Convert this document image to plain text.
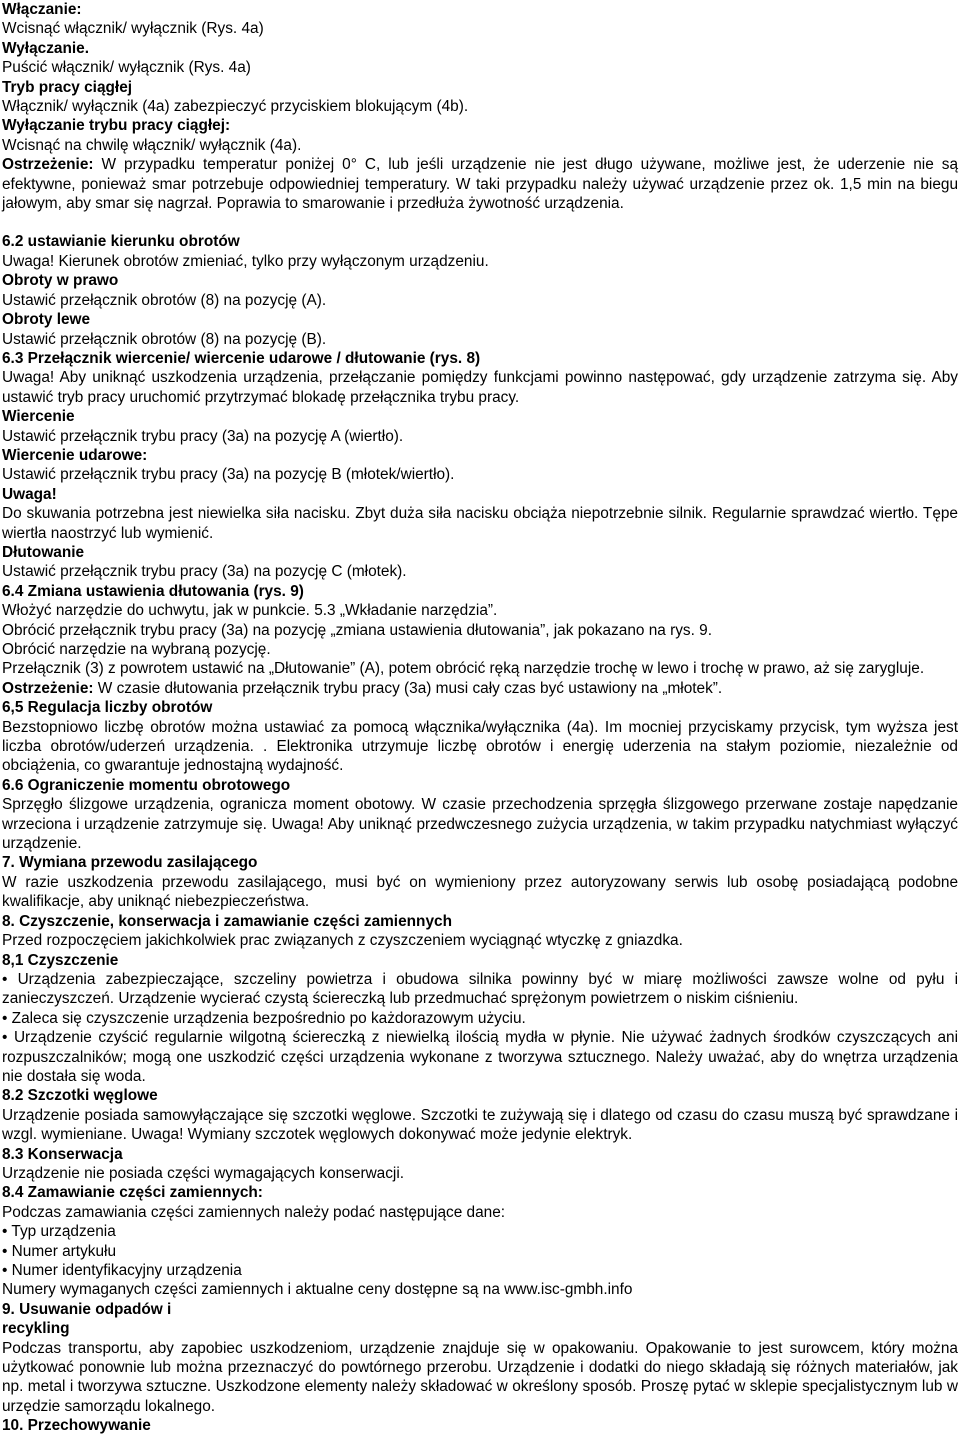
Włączanie:

Wcisnąć włącznik/ wyłącznik (Rys. 4a)

Wyłączanie.

Puścić włącznik/ wyłącznik (Rys. 4a)

Tryb pracy ciągłej

Włącznik/ wyłącznik (4a) zabezpieczyć przyciskiem blokującym (4b).

Wyłączanie trybu pracy ciągłej:

Wcisnąć na chwilę włącznik/ wyłącznik (4a).

Ostrzeżenie: W przypadku temperatur poniżej 0° C, lub jeśli urządzenie nie jest długo używane, możliwe jest, że uderzenie nie są efektywne, ponieważ smar potrzebuje odpowiedniej temperatury. W taki przypadku należy używać urządzenie przez ok. 1,5 min na biegu jałowym, aby smar się nagrzał. Poprawia to smarowanie i przedłuża żywotność urządzenia.

6.2 ustawianie kierunku obrotów

Uwaga! Kierunek obrotów zmieniać, tylko przy wyłączonym urządzeniu.

Obroty w prawo

Ustawić przełącznik obrotów (8) na pozycję (A).

Obroty lewe

Ustawić przełącznik obrotów (8) na pozycję (B).

6.3 Przełącznik wiercenie/ wiercenie udarowe / dłutowanie (rys. 8)

Uwaga! Aby uniknąć uszkodzenia urządzenia, przełączanie pomiędzy funkcjami powinno następować, gdy urządzenie zatrzyma się. Aby ustawić tryb pracy uruchomić przytrzymać blokadę przełącznika trybu pracy.

Wiercenie

Ustawić przełącznik trybu pracy (3a) na pozycję A (wiertło).

Wiercenie udarowe:

Ustawić przełącznik trybu pracy (3a) na pozycję B (młotek/wiertło).

Uwaga!

Do skuwania potrzebna jest niewielka siła nacisku. Zbyt duża siła nacisku obciąża niepotrzebnie silnik. Regularnie sprawdzać wiertło. Tępe wiertła naostrzyć lub wymienić.

Dłutowanie

Ustawić przełącznik trybu pracy (3a) na pozycję C (młotek).

6.4 Zmiana ustawienia dłutowania (rys. 9)

Włożyć narzędzie do uchwytu, jak w punkcie. 5.3 „Wkładanie narzędzia”.

Obrócić przełącznik trybu pracy (3a) na pozycję „zmiana ustawienia dłutowania”, jak pokazano na rys. 9.

Obrócić narzędzie na wybraną pozycję.

Przełącznik (3) z powrotem ustawić na „Dłutowanie” (A), potem obrócić ręką narzędzie trochę w lewo i trochę w prawo, aż się zarygluje.

Ostrzeżenie: W czasie dłutowania przełącznik trybu pracy (3a) musi cały czas być ustawiony na „młotek”.

6,5 Regulacja liczby obrotów

Bezstopniowo liczbę obrotów można ustawiać za pomocą włącznika/wyłącznika (4a). Im mocniej przyciskamy przycisk, tym wyższa jest liczba obrotów/uderzeń urządzenia. . Elektronika utrzymuje liczbę obrotów i energię uderzenia na stałym poziomie, niezależnie od obciążenia, co gwarantuje jednostajną wydajność.

6.6 Ograniczenie momentu obrotowego

Sprzęgło ślizgowe urządzenia, ogranicza moment obotowy. W czasie przechodzenia sprzęgła ślizgowego przerwane zostaje napędzanie wrzeciona i urządzenie zatrzymuje się. Uwaga! Aby uniknąć przedwczesnego zużycia urządzenia, w takim przypadku natychmiast wyłączyć urządzenie.

7. Wymiana przewodu zasilającego

W razie uszkodzenia przewodu zasilającego, musi być on wymieniony przez autoryzowany serwis lub osobę posiadającą podobne kwalifikacje, aby uniknąć niebezpieczeństwa.

8. Czyszczenie, konserwacja i zamawianie części zamiennych

Przed rozpoczęciem jakichkolwiek prac związanych z czyszczeniem wyciągnąć wtyczkę z gniazdka.

8,1 Czyszczenie

• Urządzenia zabezpieczające, szczeliny powietrza i obudowa silnika powinny być w miarę możliwości zawsze wolne od pyłu i zanieczyszczeń. Urządzenie wycierać czystą ściereczką lub przedmuchać sprężonym powietrzem o niskim ciśnieniu.

• Zaleca się czyszczenie urządzenia bezpośrednio po każdorazowym użyciu.

• Urządzenie czyścić regularnie wilgotną ściereczką z niewielką ilością mydła w płynie. Nie używać żadnych środków czyszczących ani rozpuszczalników; mogą one uszkodzić części urządzenia wykonane z tworzywa sztucznego. Należy uważać, aby do wnętrza urządzenia nie dostała się woda.

8.2 Szczotki węglowe

Urządzenie posiada samowyłączające się szczotki węglowe. Szczotki te zużywają się i dlatego od czasu do czasu muszą być sprawdzane i wzgl. wymieniane. Uwaga! Wymiany szczotek węglowych dokonywać może jedynie elektryk.

8.3 Konserwacja

Urządzenie nie posiada części wymagających konserwacji.

8.4 Zamawianie części zamiennych:

Podczas zamawiania części zamiennych należy podać następujące dane:

• Typ urządzenia

• Numer artykułu

• Numer identyfikacyjny urządzenia

Numery wymaganych części zamiennych i aktualne ceny dostępne są na www.isc-gmbh.info

9. Usuwanie odpadów i

recykling

Podczas transportu, aby zapobiec uszkodzeniom, urządzenie znajduje się w opakowaniu. Opakowanie to jest surowcem, który można użytkować ponownie lub można przeznaczyć do powtórnego przerobu. Urządzenie i dodatki do niego składają się różnych materiałów, jak np. metal i tworzywa sztuczne. Uszkodzone elementy należy składować w określony sposób. Proszę pytać w sklepie specjalistycznym lub w urzędzie samorządu lokalnego.

10. Przechowywanie
